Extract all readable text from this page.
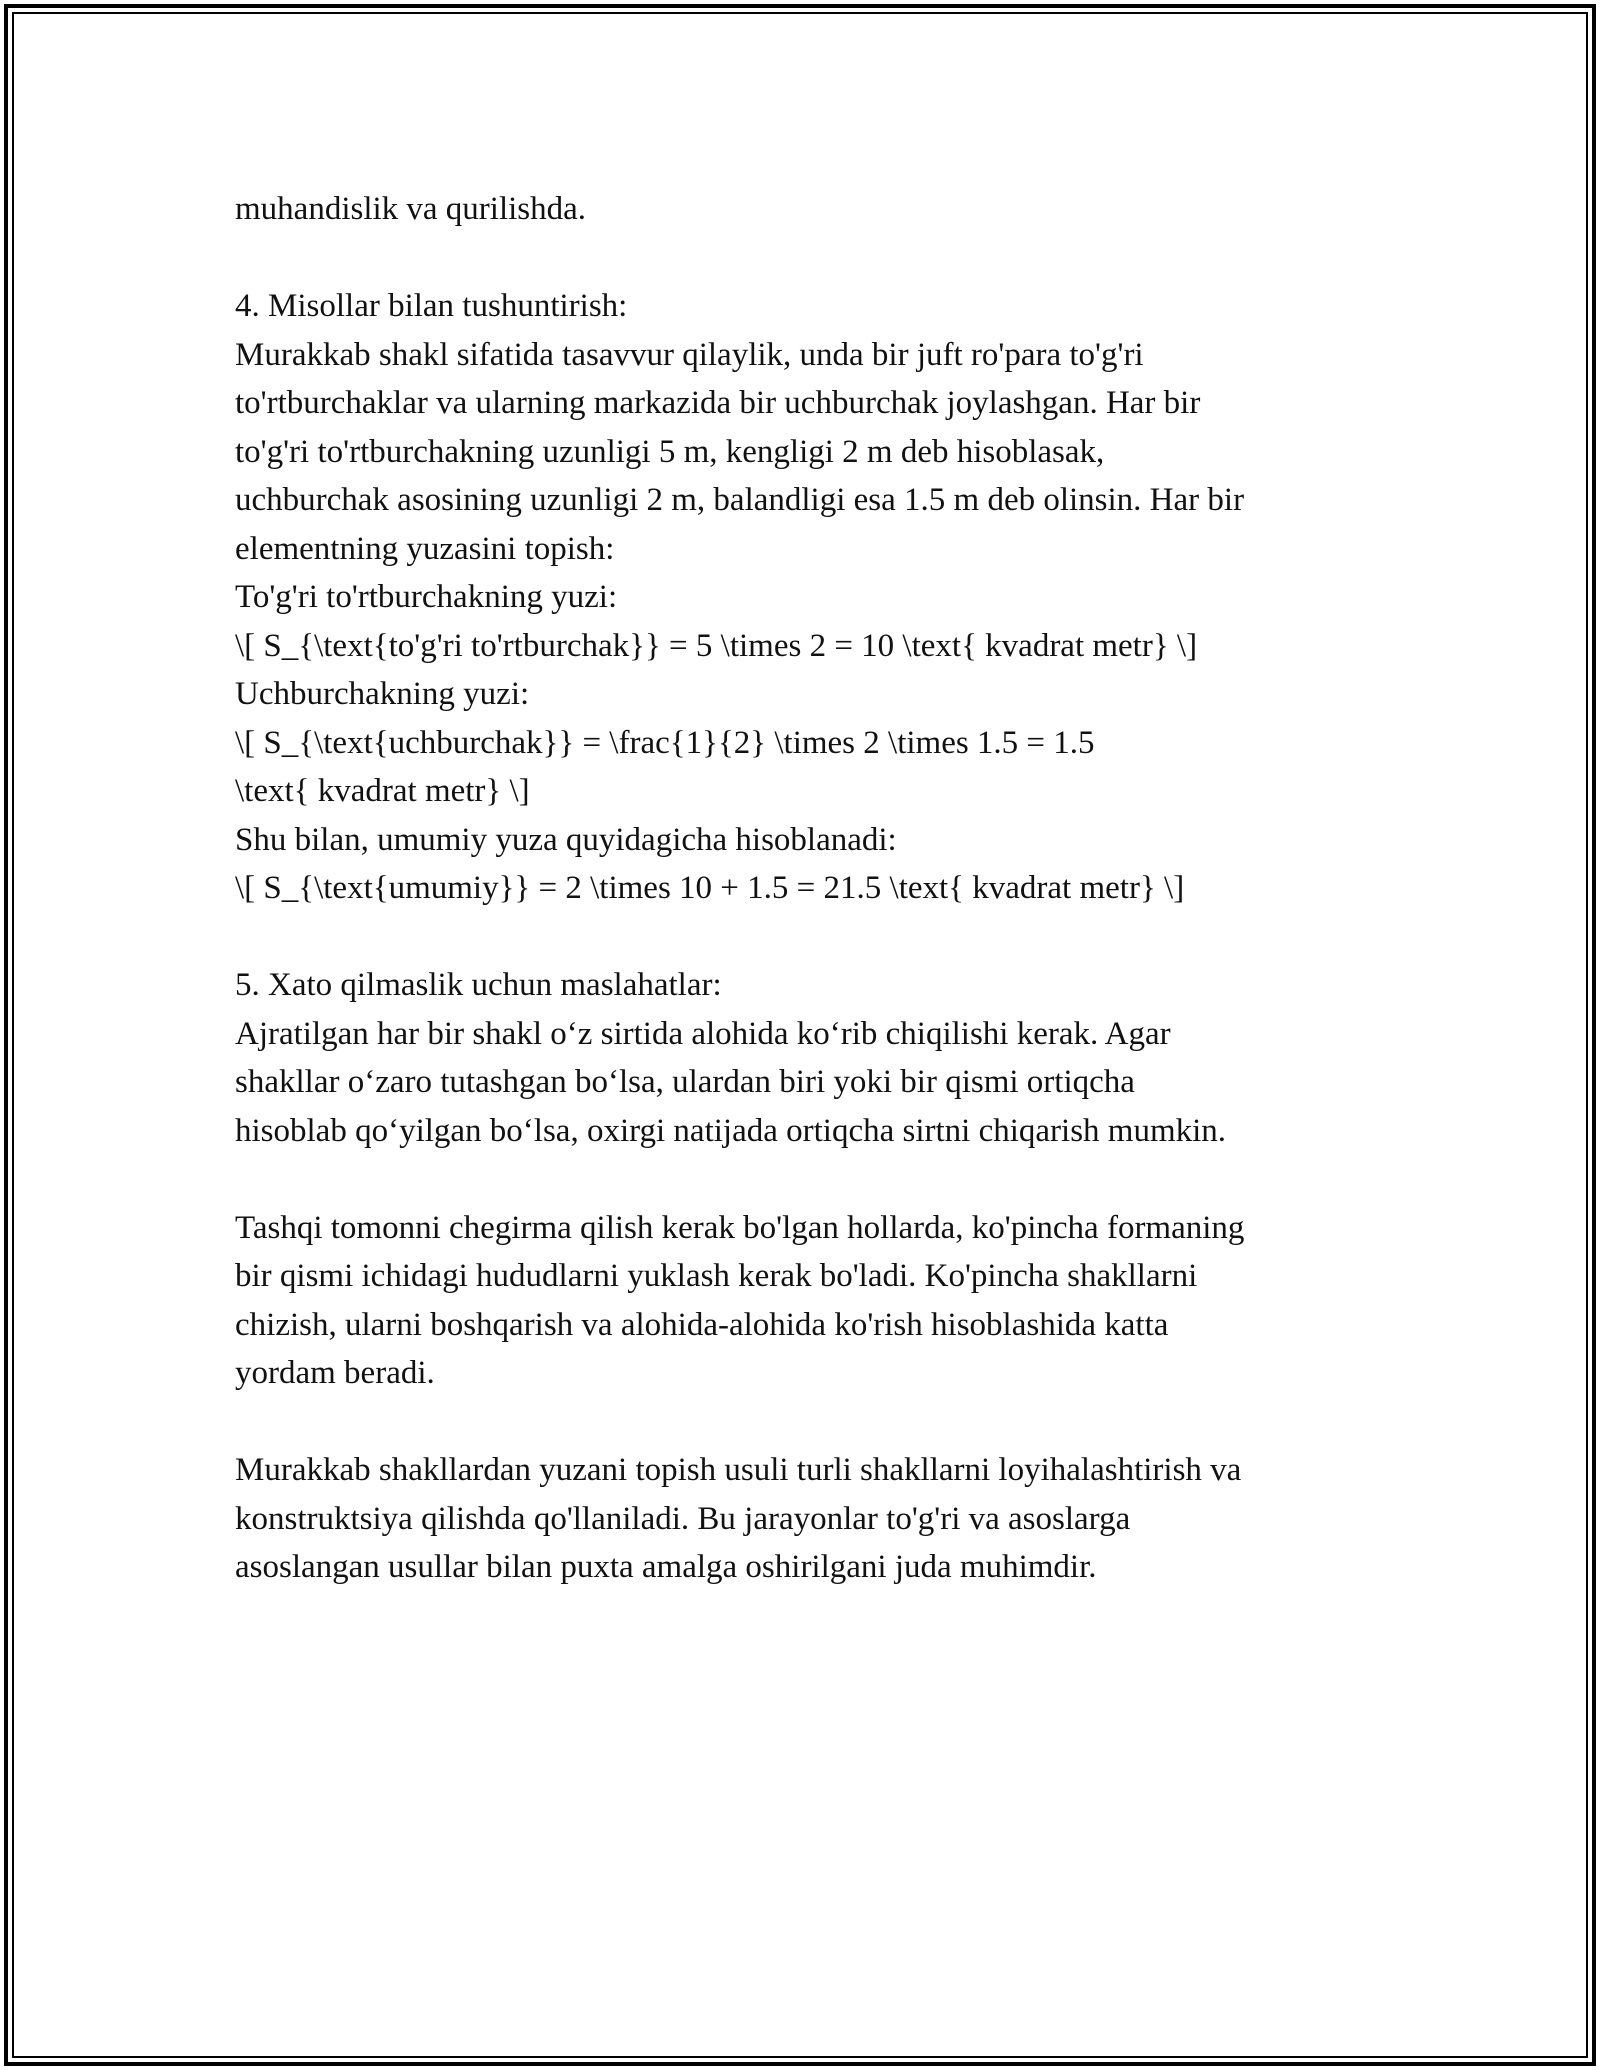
muhandislik va qurilishda.
4. Misollar bilan tushuntirish:
Murakkab shakl sifatida tasavvur qilaylik, unda bir juft ro'para to'g'ri
to'rtburchaklar va ularning markazida bir uchburchak joylashgan. Har bir
to'g'ri to'rtburchakning uzunligi 5 m, kengligi 2 m deb hisoblasak,
uchburchak asosining uzunligi 2 m, balandligi esa 1.5 m deb olinsin. Har bir
elementning yuzasini topish:
To'g'ri to'rtburchakning yuzi:
\[ S_{\text{to'g'ri to'rtburchak}} = 5 \times 2 = 10 \text{ kvadrat metr} \]
Uchburchakning yuzi:
\[ S_{\text{uchburchak}} = \frac{1}{2} \times 2 \times 1.5 = 1.5
\text{ kvadrat metr} \]
Shu bilan, umumiy yuza quyidagicha hisoblanadi:
\[ S_{\text{umumiy}} = 2 \times 10 + 1.5 = 21.5 \text{ kvadrat metr} \]
5. Xato qilmaslik uchun maslahatlar:
Ajratilgan har bir shakl o‘z sirtida alohida ko‘rib chiqilishi kerak. Agar
shakllar o‘zaro tutashgan bo‘lsa, ulardan biri yoki bir qismi ortiqcha
hisoblab qo‘yilgan bo‘lsa, oxirgi natijada ortiqcha sirtni chiqarish mumkin.
Tashqi tomonni chegirma qilish kerak bo'lgan hollarda, ko'pincha formaning
bir qismi ichidagi hududlarni yuklash kerak bo'ladi. Ko'pincha shakllarni
chizish, ularni boshqarish va alohida-alohida ko'rish hisoblashida katta
yordam beradi.
Murakkab shakllardan yuzani topish usuli turli shakllarni loyihalashtirish va
konstruktsiya qilishda qo'llaniladi. Bu jarayonlar to'g'ri va asoslarga
asoslangan usullar bilan puxta amalga oshirilgani juda muhimdir.
